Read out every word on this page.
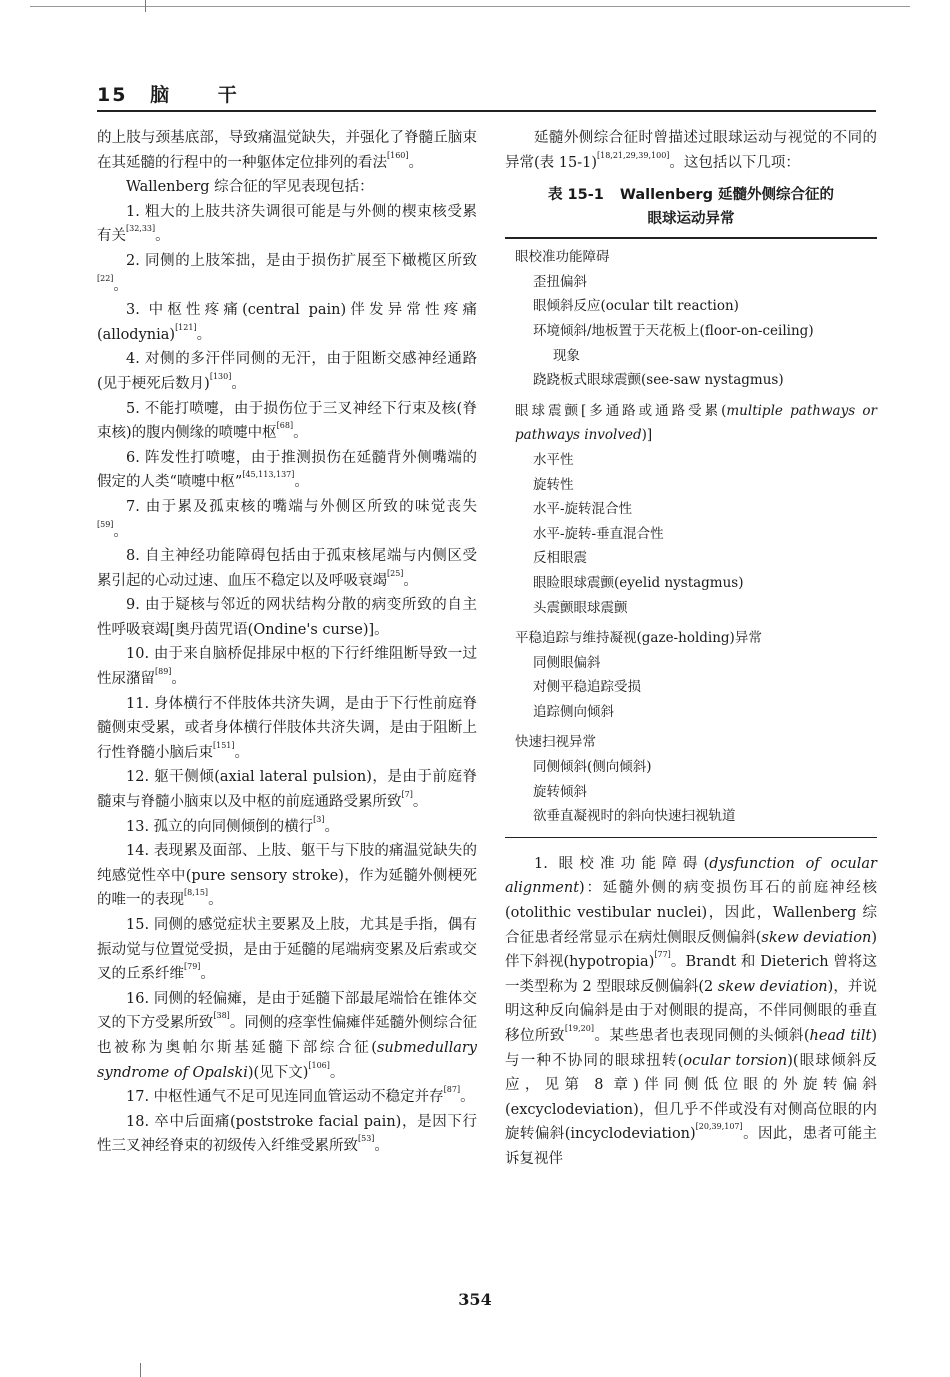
15 脑 干

的上肢与颈基底部，导致痛温觉缺失，并强化了脊髓丘脑束在其延髓的行程中的一种躯体定位排列的看法[160]。

Wallenberg 综合征的罕见表现包括：

1. 粗大的上肢共济失调很可能是与外侧的楔束核受累有关[32,33]。

2. 同侧的上肢笨拙，是由于损伤扩展至下橄榄区所致[22]。

3. 中枢性疼痛(central pain)伴发异常性疼痛(allodynia)[121]。

4. 对侧的多汗伴同侧的无汗，由于阻断交感神经通路(见于梗死后数月)[130]。

5. 不能打喷嚏，由于损伤位于三叉神经下行束及核(脊束核)的腹内侧缘的喷嚏中枢[68]。

6. 阵发性打喷嚏，由于推测损伤在延髓背外侧嘴端的假定的人类“喷嚏中枢”[45,113,137]。

7. 由于累及孤束核的嘴端与外侧区所致的味觉丧失[59]。

8. 自主神经功能障碍包括由于孤束核尾端与内侧区受累引起的心动过速、血压不稳定以及呼吸衰竭[25]。

9. 由于疑核与邻近的网状结构分散的病变所致的自主性呼吸衰竭[奥丹茵咒语(Ondine's curse)]。

10. 由于来自脑桥促排尿中枢的下行纤维阻断导致一过性尿潴留[89]。

11. 身体横行不伴肢体共济失调，是由于下行性前庭脊髓侧束受累，或者身体横行伴肢体共济失调，是由于阻断上行性脊髓小脑后束[151]。

12. 躯干侧倾(axial lateral pulsion)，是由于前庭脊髓束与脊髓小脑束以及中枢的前庭通路受累所致[7]。

13. 孤立的向同侧倾倒的横行[3]。

14. 表现累及面部、上肢、躯干与下肢的痛温觉缺失的纯感觉性卒中(pure sensory stroke)，作为延髓外侧梗死的唯一的表现[8,15]。

15. 同侧的感觉症状主要累及上肢，尤其是手指，偶有振动觉与位置觉受损，是由于延髓的尾端病变累及后索或交叉的丘系纤维[79]。

16. 同侧的轻偏瘫，是由于延髓下部最尾端恰在锥体交叉的下方受累所致[38]。同侧的痉挛性偏瘫伴延髓外侧综合征也被称为奥帕尔斯基延髓下部综合征(submedullary syndrome of Opalski)(见下文)[106]。

17. 中枢性通气不足可见连同血管运动不稳定并存[87]。

18. 卒中后面痛(poststroke facial pain)，是因下行性三叉神经脊束的初级传入纤维受累所致[53]。

延髓外侧综合征时曾描述过眼球运动与视觉的不同的异常(表 15-1)[18,21,29,39,100]。这包括以下几项：

表 15-1 Wallenberg 延髓外侧综合征的
眼球运动异常
眼校准功能障碍
歪扭偏斜
眼倾斜反应(ocular tilt reaction)
环境倾斜/地板置于天花板上(floor-on-ceiling)
现象
跷跷板式眼球震颤(see-saw nystagmus)
眼球震颤[多通路或通路受累(multiple pathways or pathways involved)]
水平性
旋转性
水平-旋转混合性
水平-旋转-垂直混合性
反相眼震
眼睑眼球震颤(eyelid nystagmus)
头震颤眼球震颤
平稳追踪与维持凝视(gaze-holding)异常
同侧眼偏斜
对侧平稳追踪受损
追踪侧向倾斜
快速扫视异常
同侧倾斜(侧向倾斜)
旋转倾斜
欲垂直凝视时的斜向快速扫视轨道

1. 眼校准功能障碍(dysfunction of ocular alignment)：延髓外侧的病变损伤耳石的前庭神经核(otolithic vestibular nuclei)，因此，Wallenberg 综合征患者经常显示在病灶侧眼反侧偏斜(skew deviation)伴下斜视(hypotropia)[77]。Brandt 和 Dieterich 曾将这一类型称为 2 型眼球反侧偏斜(2 skew deviation)，并说明这种反向偏斜是由于对侧眼的提高，不伴同侧眼的垂直移位所致[19,20]。某些患者也表现同侧的头倾斜(head tilt)与一种不协同的眼球扭转(ocular torsion)(眼球倾斜反应，见第 8 章)伴同侧低位眼的外旋转偏斜(excyclodeviation)，但几乎不伴或没有对侧高位眼的内旋转偏斜(incyclodeviation)[20,39,107]。因此，患者可能主诉复视伴

354
